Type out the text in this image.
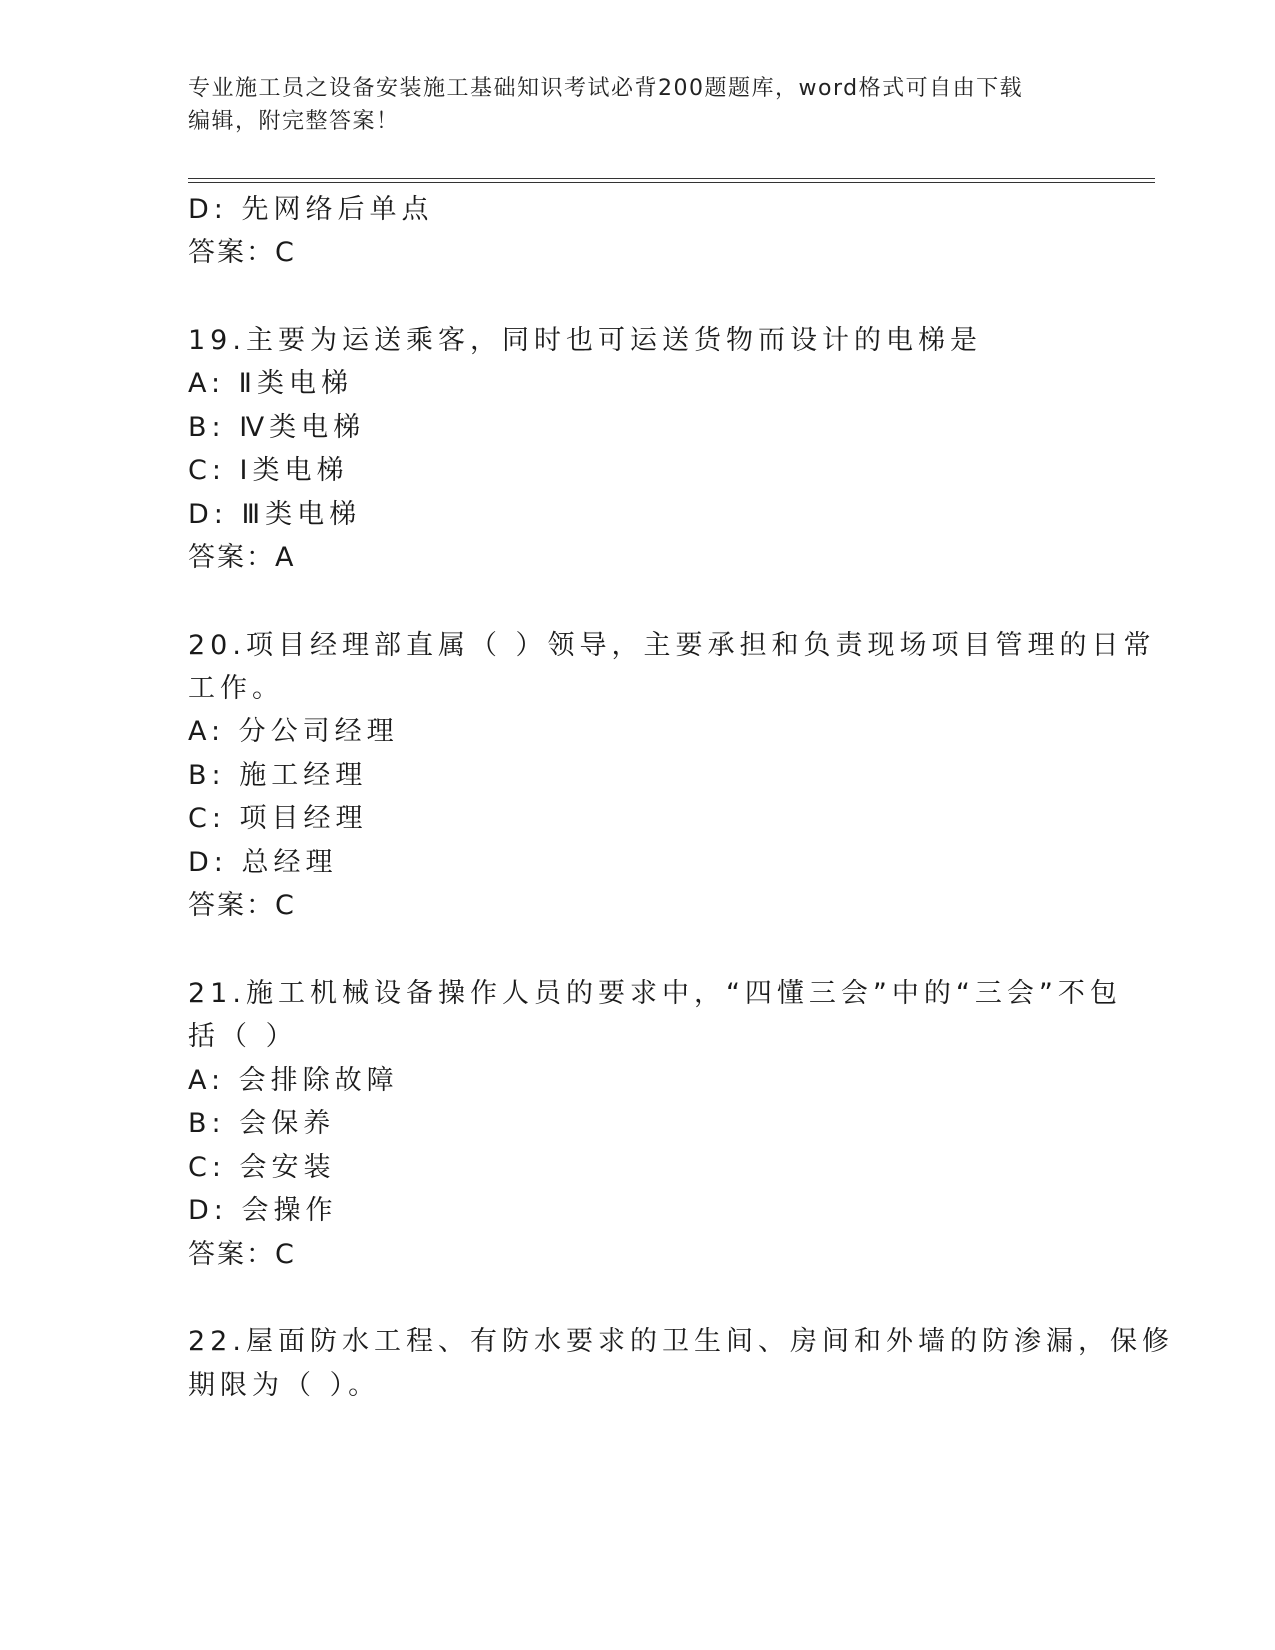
专业施工员之设备安装施工基础知识考试必背200题题库，word格式可自由下载
编辑，附完整答案！
D: 先网络后单点
答案：C
19.主要为运送乘客，同时也可运送货物而设计的电梯是
A: Ⅱ类电梯
B: Ⅳ类电梯
C: Ⅰ类电梯
D: Ⅲ类电梯
答案：A
20.项目经理部直属（ ）领导，主要承担和负责现场项目管理的日常
工作。
A: 分公司经理
B: 施工经理
C: 项目经理
D: 总经理
答案：C
21.施工机械设备操作人员的要求中，“四懂三会”中的“三会”不包
括（ ）
A: 会排除故障
B: 会保养
C: 会安装
D: 会操作
答案：C
22.屋面防水工程、有防水要求的卫生间、房间和外墙的防渗漏，保修
期限为（ ）。
